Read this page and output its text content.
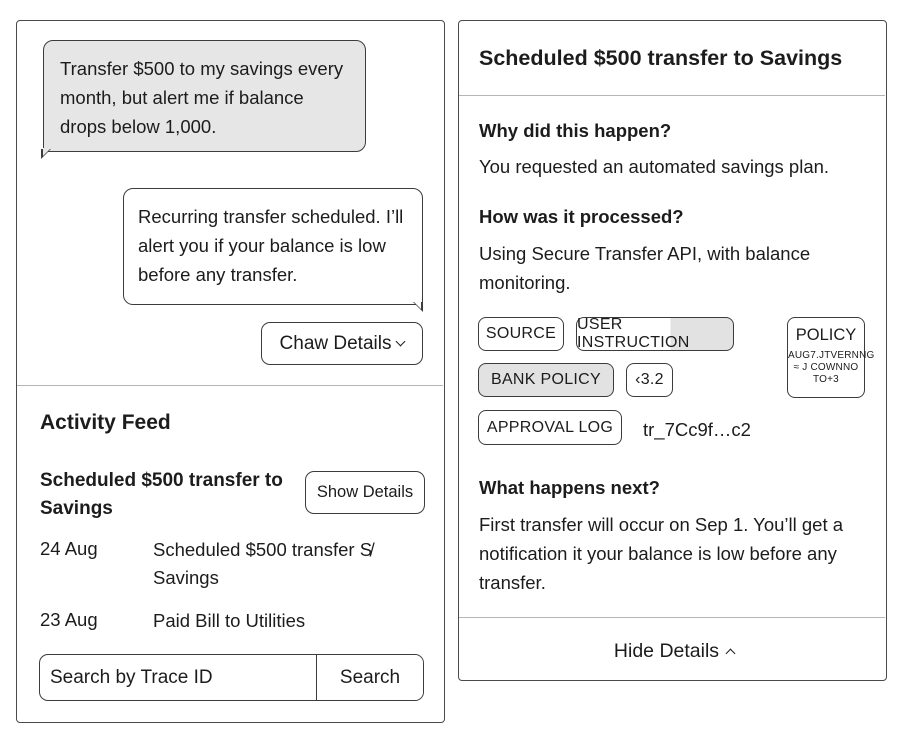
Transfer $500 to my savings every month, but alert me if balance drops below 1,000.
Recurring transfer scheduled. I’ll alert you if your balance is low before any transfer.
Chaw Details
Activity Feed
Scheduled $500 transfer to Savings
Show Details
24 Aug	Scheduled $500 transfer S̸ Savings
23 Aug	Paid Bill to Utilities
Search by Trace ID
Search
Scheduled $500 transfer to Savings
Why did this happen?
You requested an automated savings plan.
How was it processed?
Using Secure Transfer API, with balance monitoring.
SOURCE
USER INSTRUCTION
BANK POLICY	‹3.2
APPROVAL LOG	tr_7Cc9f…c2
POLICY
AUG7.JTVERNNG ≈ J COWNNO TO+3
What happens next?
First transfer will occur on Sep 1. You’ll get a notification it your balance is low before any transfer.
Hide Details
